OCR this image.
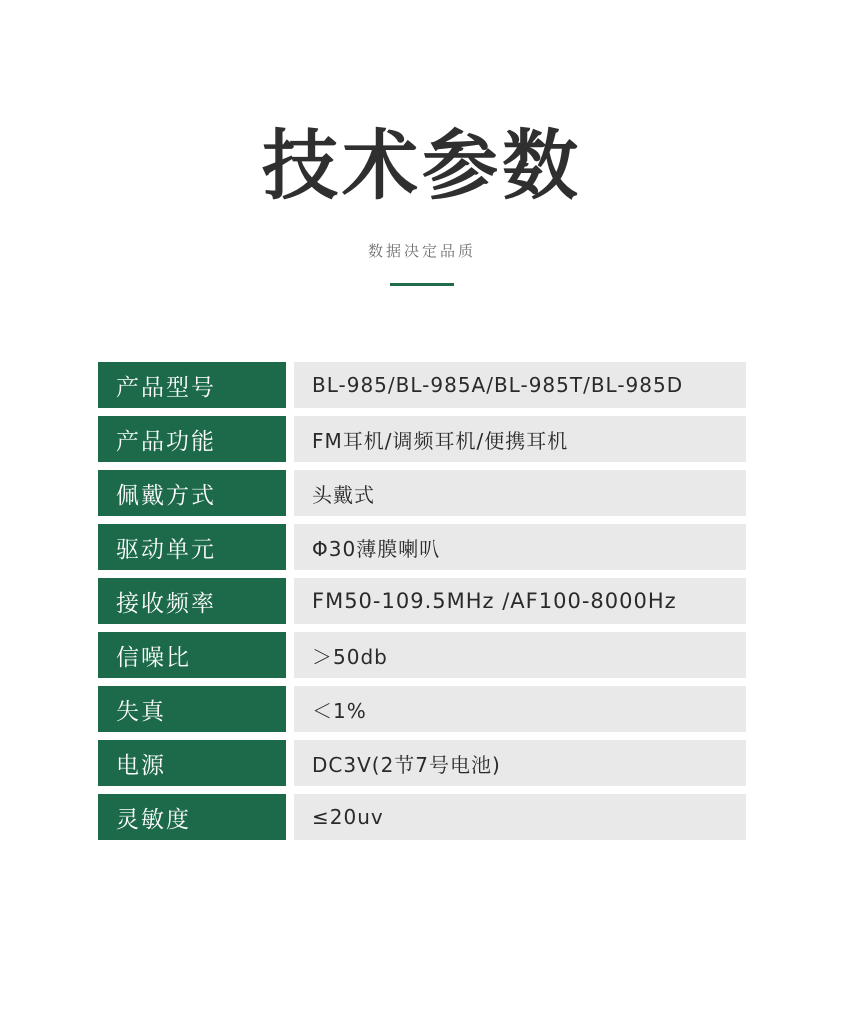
技术参数
数据决定品质
产品型号	BL-985/BL-985A/BL-985T/BL-985D
产品功能	FM耳机/调频耳机/便携耳机
佩戴方式	头戴式
驱动单元	Φ30薄膜喇叭
接收频率	FM50-109.5MHz /AF100-8000Hz
信噪比	＞50db
失真	＜1%
电源	DC3V(2节7号电池)
灵敏度	≤20uv
